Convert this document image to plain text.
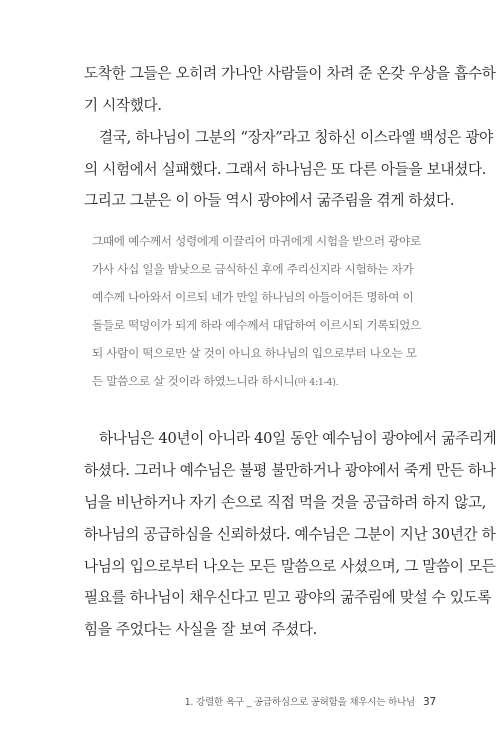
도착한 그들은 오히려 가나안 사람들이 차려 준 온갖 우상을 흡수하
기 시작했다.
결국, 하나님이 그분의 “장자”라고 칭하신 이스라엘 백성은 광야
의 시험에서 실패했다. 그래서 하나님은 또 다른 아들을 보내셨다.
그리고 그분은 이 아들 역시 광야에서 굶주림을 겪게 하셨다.
그때에 예수께서 성령에게 이끌리어 마귀에게 시험을 받으러 광야로
가사 사십 일을 밤낮으로 금식하신 후에 주리신지라 시험하는 자가
예수께 나아와서 이르되 네가 만일 하나님의 아들이어든 명하여 이
돌들로 떡덩이가 되게 하라 예수께서 대답하여 이르시되 기록되었으
되 사람이 떡으로만 살 것이 아니요 하나님의 입으로부터 나오는 모
든 말씀으로 살 것이라 하였느니라 하시니(마 4:1-4).
하나님은 40년이 아니라 40일 동안 예수님이 광야에서 굶주리게
하셨다. 그러나 예수님은 불평 불만하거나 광야에서 죽게 만든 하나
님을 비난하거나 자기 손으로 직접 먹을 것을 공급하려 하지 않고,
하나님의 공급하심을 신뢰하셨다. 예수님은 그분이 지난 30년간 하
나님의 입으로부터 나오는 모든 말씀으로 사셨으며, 그 말씀이 모든
필요를 하나님이 채우신다고 믿고 광야의 굶주림에 맞설 수 있도록
힘을 주었다는 사실을 잘 보여 주셨다.
1. 강렬한 욕구 _ 공급하심으로 공허함을 채우시는 하나님 37
